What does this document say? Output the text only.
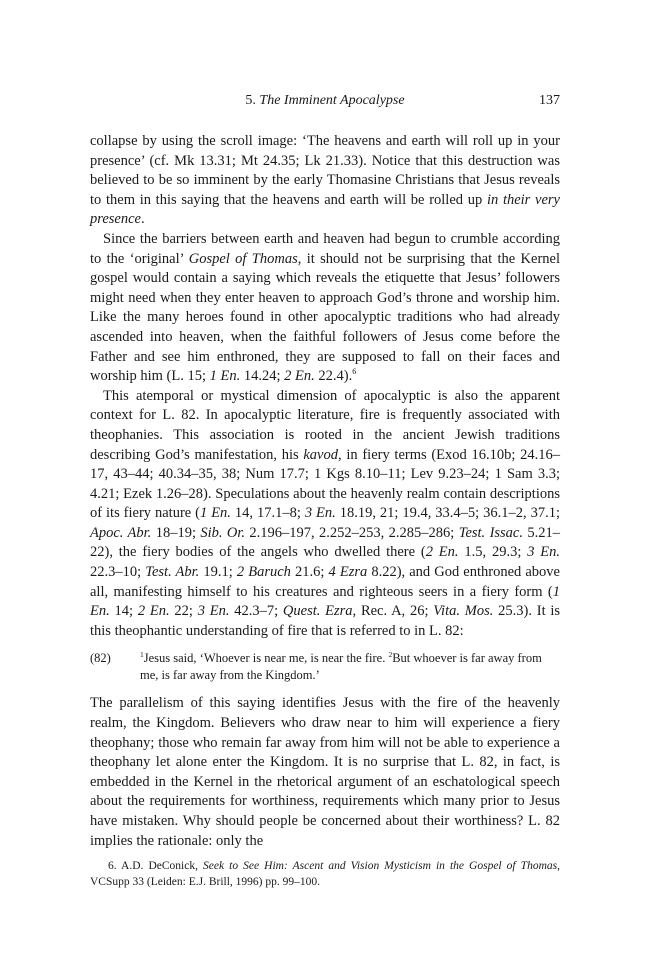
5. The Imminent Apocalypse	137

collapse by using the scroll image: ‘The heavens and earth will roll up in your presence’ (cf. Mk 13.31; Mt 24.35; Lk 21.33). Notice that this destruction was believed to be so imminent by the early Thomasine Christians that Jesus reveals to them in this saying that the heavens and earth will be rolled up in their very presence.

Since the barriers between earth and heaven had begun to crumble according to the ‘original’ Gospel of Thomas, it should not be surprising that the Kernel gospel would contain a saying which reveals the etiquette that Jesus’ followers might need when they enter heaven to approach God’s throne and worship him. Like the many heroes found in other apocalyptic traditions who had already ascended into heaven, when the faithful followers of Jesus come before the Father and see him enthroned, they are supposed to fall on their faces and worship him (L. 15; 1 En. 14.24; 2 En. 22.4).$^6$

This atemporal or mystical dimension of apocalyptic is also the apparent context for L. 82. In apocalyptic literature, fire is frequently associated with theophanies. This association is rooted in the ancient Jewish traditions describing God’s manifestation, his kavod, in fiery terms (Exod 16.10b; 24.16–17, 43–44; 40.34–35, 38; Num 17.7; 1 Kgs 8.10–11; Lev 9.23–24; 1 Sam 3.3; 4.21; Ezek 1.26–28). Speculations about the heavenly realm contain descriptions of its fiery nature (1 En. 14, 17.1–8; 3 En. 18.19, 21; 19.4, 33.4–5; 36.1–2, 37.1; Apoc. Abr. 18–19; Sib. Or. 2.196–197, 2.252–253, 2.285–286; Test. Issac. 5.21–22), the fiery bodies of the angels who dwelled there (2 En. 1.5, 29.3; 3 En. 22.3–10; Test. Abr. 19.1; 2 Baruch 21.6; 4 Ezra 8.22), and God enthroned above all, manifesting himself to his creatures and righteous seers in a fiery form (1 En. 14; 2 En. 22; 3 En. 42.3–7; Quest. Ezra, Rec. A, 26; Vita. Mos. 25.3). It is this theophantic understanding of fire that is referred to in L. 82:

(82)	$^1$Jesus said, ‘Whoever is near me, is near the fire. $^2$But whoever is far away from me, is far away from the Kingdom.’

The parallelism of this saying identifies Jesus with the fire of the heavenly realm, the Kingdom. Believers who draw near to him will experience a fiery theophany; those who remain far away from him will not be able to experience a theophany let alone enter the Kingdom. It is no surprise that L. 82, in fact, is embedded in the Kernel in the rhetorical argument of an eschatological speech about the requirements for worthiness, requirements which many prior to Jesus have mistaken. Why should people be concerned about their worthiness? L. 82 implies the rationale: only the

6. A.D. DeConick, Seek to See Him: Ascent and Vision Mysticism in the Gospel of Thomas, VCSupp 33 (Leiden: E.J. Brill, 1996) pp. 99–100.
